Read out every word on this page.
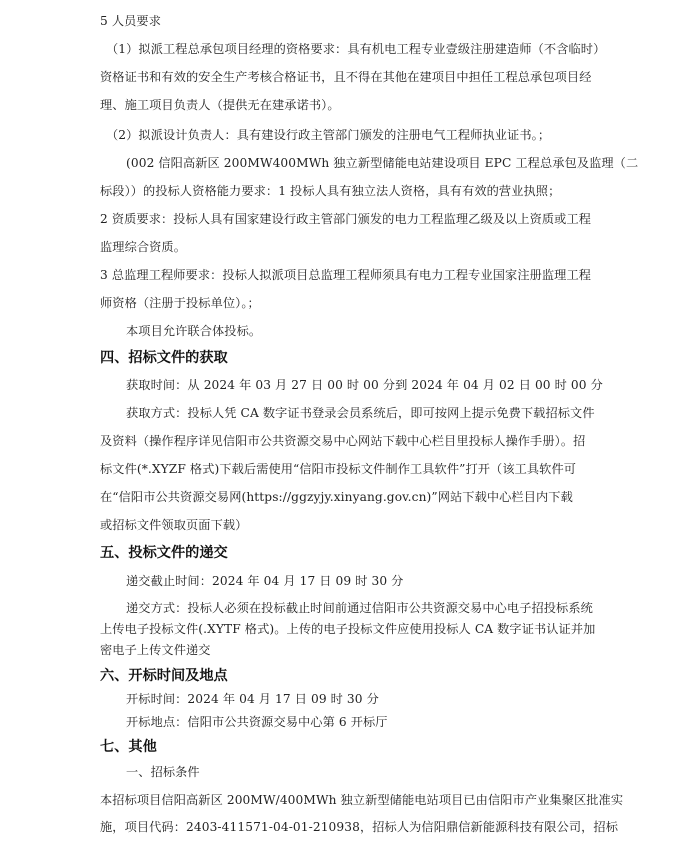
5 人员要求
（1）拟派工程总承包项目经理的资格要求：具有机电工程专业壹级注册建造师（不含临时）
资格证书和有效的安全生产考核合格证书，且不得在其他在建项目中担任工程总承包项目经
理、施工项目负责人（提供无在建承诺书）。
（2）拟派设计负责人：具有建设行政主管部门颁发的注册电气工程师执业证书。；
(002 信阳高新区 200MW400MWh 独立新型储能电站建设项目 EPC 工程总承包及监理（二
标段））的投标人资格能力要求：1 投标人具有独立法人资格，具有有效的营业执照；
2 资质要求：投标人具有国家建设行政主管部门颁发的电力工程监理乙级及以上资质或工程
监理综合资质。
3 总监理工程师要求：投标人拟派项目总监理工程师须具有电力工程专业国家注册监理工程
师资格（注册于投标单位）。；
本项目允许联合体投标。
四、招标文件的获取
获取时间：从 2024 年 03 月 27 日 00 时 00 分到 2024 年 04 月 02 日 00 时 00 分
获取方式：投标人凭 CA 数字证书登录会员系统后，即可按网上提示免费下载招标文件
及资料（操作程序详见信阳市公共资源交易中心网站下载中心栏目里投标人操作手册）。招
标文件(*.XYZF 格式)下载后需使用“信阳市投标文件制作工具软件”打开（该工具软件可
在“信阳市公共资源交易网(https://ggzyjy.xinyang.gov.cn)”网站下载中心栏目内下载
或招标文件领取页面下载）
五、投标文件的递交
递交截止时间：2024 年 04 月 17 日 09 时 30 分
递交方式：投标人必须在投标截止时间前通过信阳市公共资源交易中心电子招投标系统
上传电子投标文件(.XYTF 格式)。上传的电子投标文件应使用投标人 CA 数字证书认证并加
密电子上传文件递交
六、开标时间及地点
开标时间：2024 年 04 月 17 日 09 时 30 分
开标地点：信阳市公共资源交易中心第 6 开标厅
七、其他
一、招标条件
本招标项目信阳高新区 200MW/400MWh 独立新型储能电站项目已由信阳市产业集聚区批准实
施，项目代码：2403-411571-04-01-210938，招标人为信阳鼎信新能源科技有限公司，招标
